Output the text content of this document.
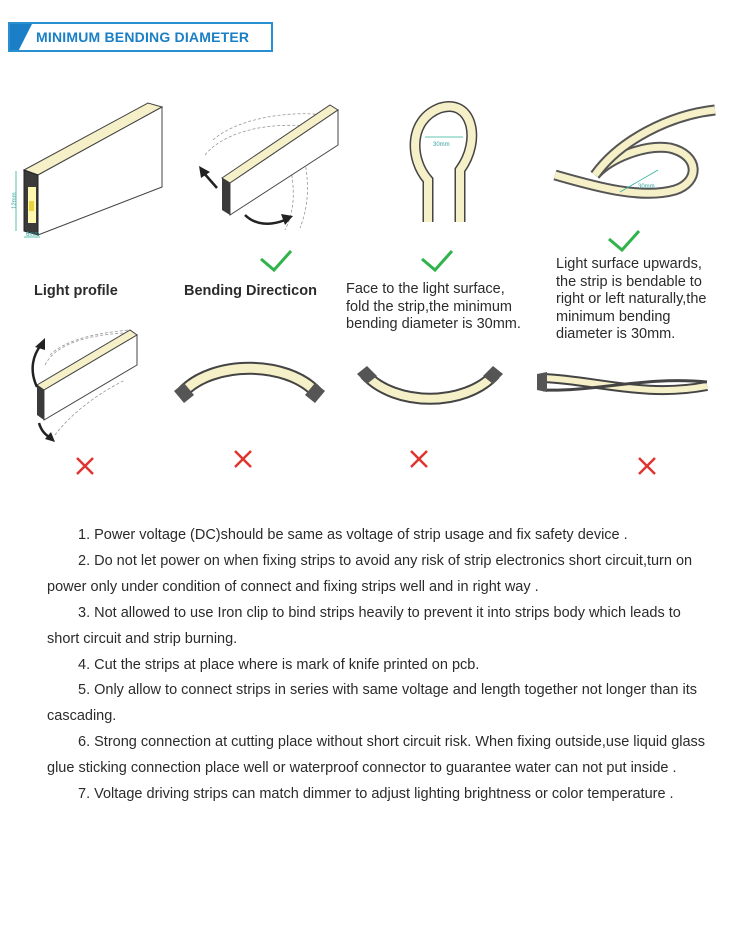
MINIMUM BENDING DIAMETER
12mm
6mm
Light profile	Bending Directicon
30mm
Face to the light surface,
fold the strip,the minimum
bending diameter is 30mm.
30mm
Light surface upwards,
the strip is bendable to
right or left naturally,the
minimum bending
diameter is 30mm.

1. Power voltage (DC)should be same as voltage of strip usage and fix safety device .

2. Do not let power on when fixing strips to avoid any risk of strip electronics short circuit,turn on power only under condition of connect and fixing strips well and in right way .

3. Not allowed to use Iron clip to bind strips heavily to prevent it into strips body which leads to short circuit and strip burning.

4. Cut the strips at place where is mark of knife printed on pcb.

5. Only allow to connect strips in series with same voltage and length together not longer than its cascading.

6. Strong connection at cutting place without short circuit risk. When fixing outside,use liquid glass glue sticking connection place well or waterproof connector to guarantee water can not put inside .

7. Voltage driving strips can match dimmer to adjust lighting brightness or color temperature .
